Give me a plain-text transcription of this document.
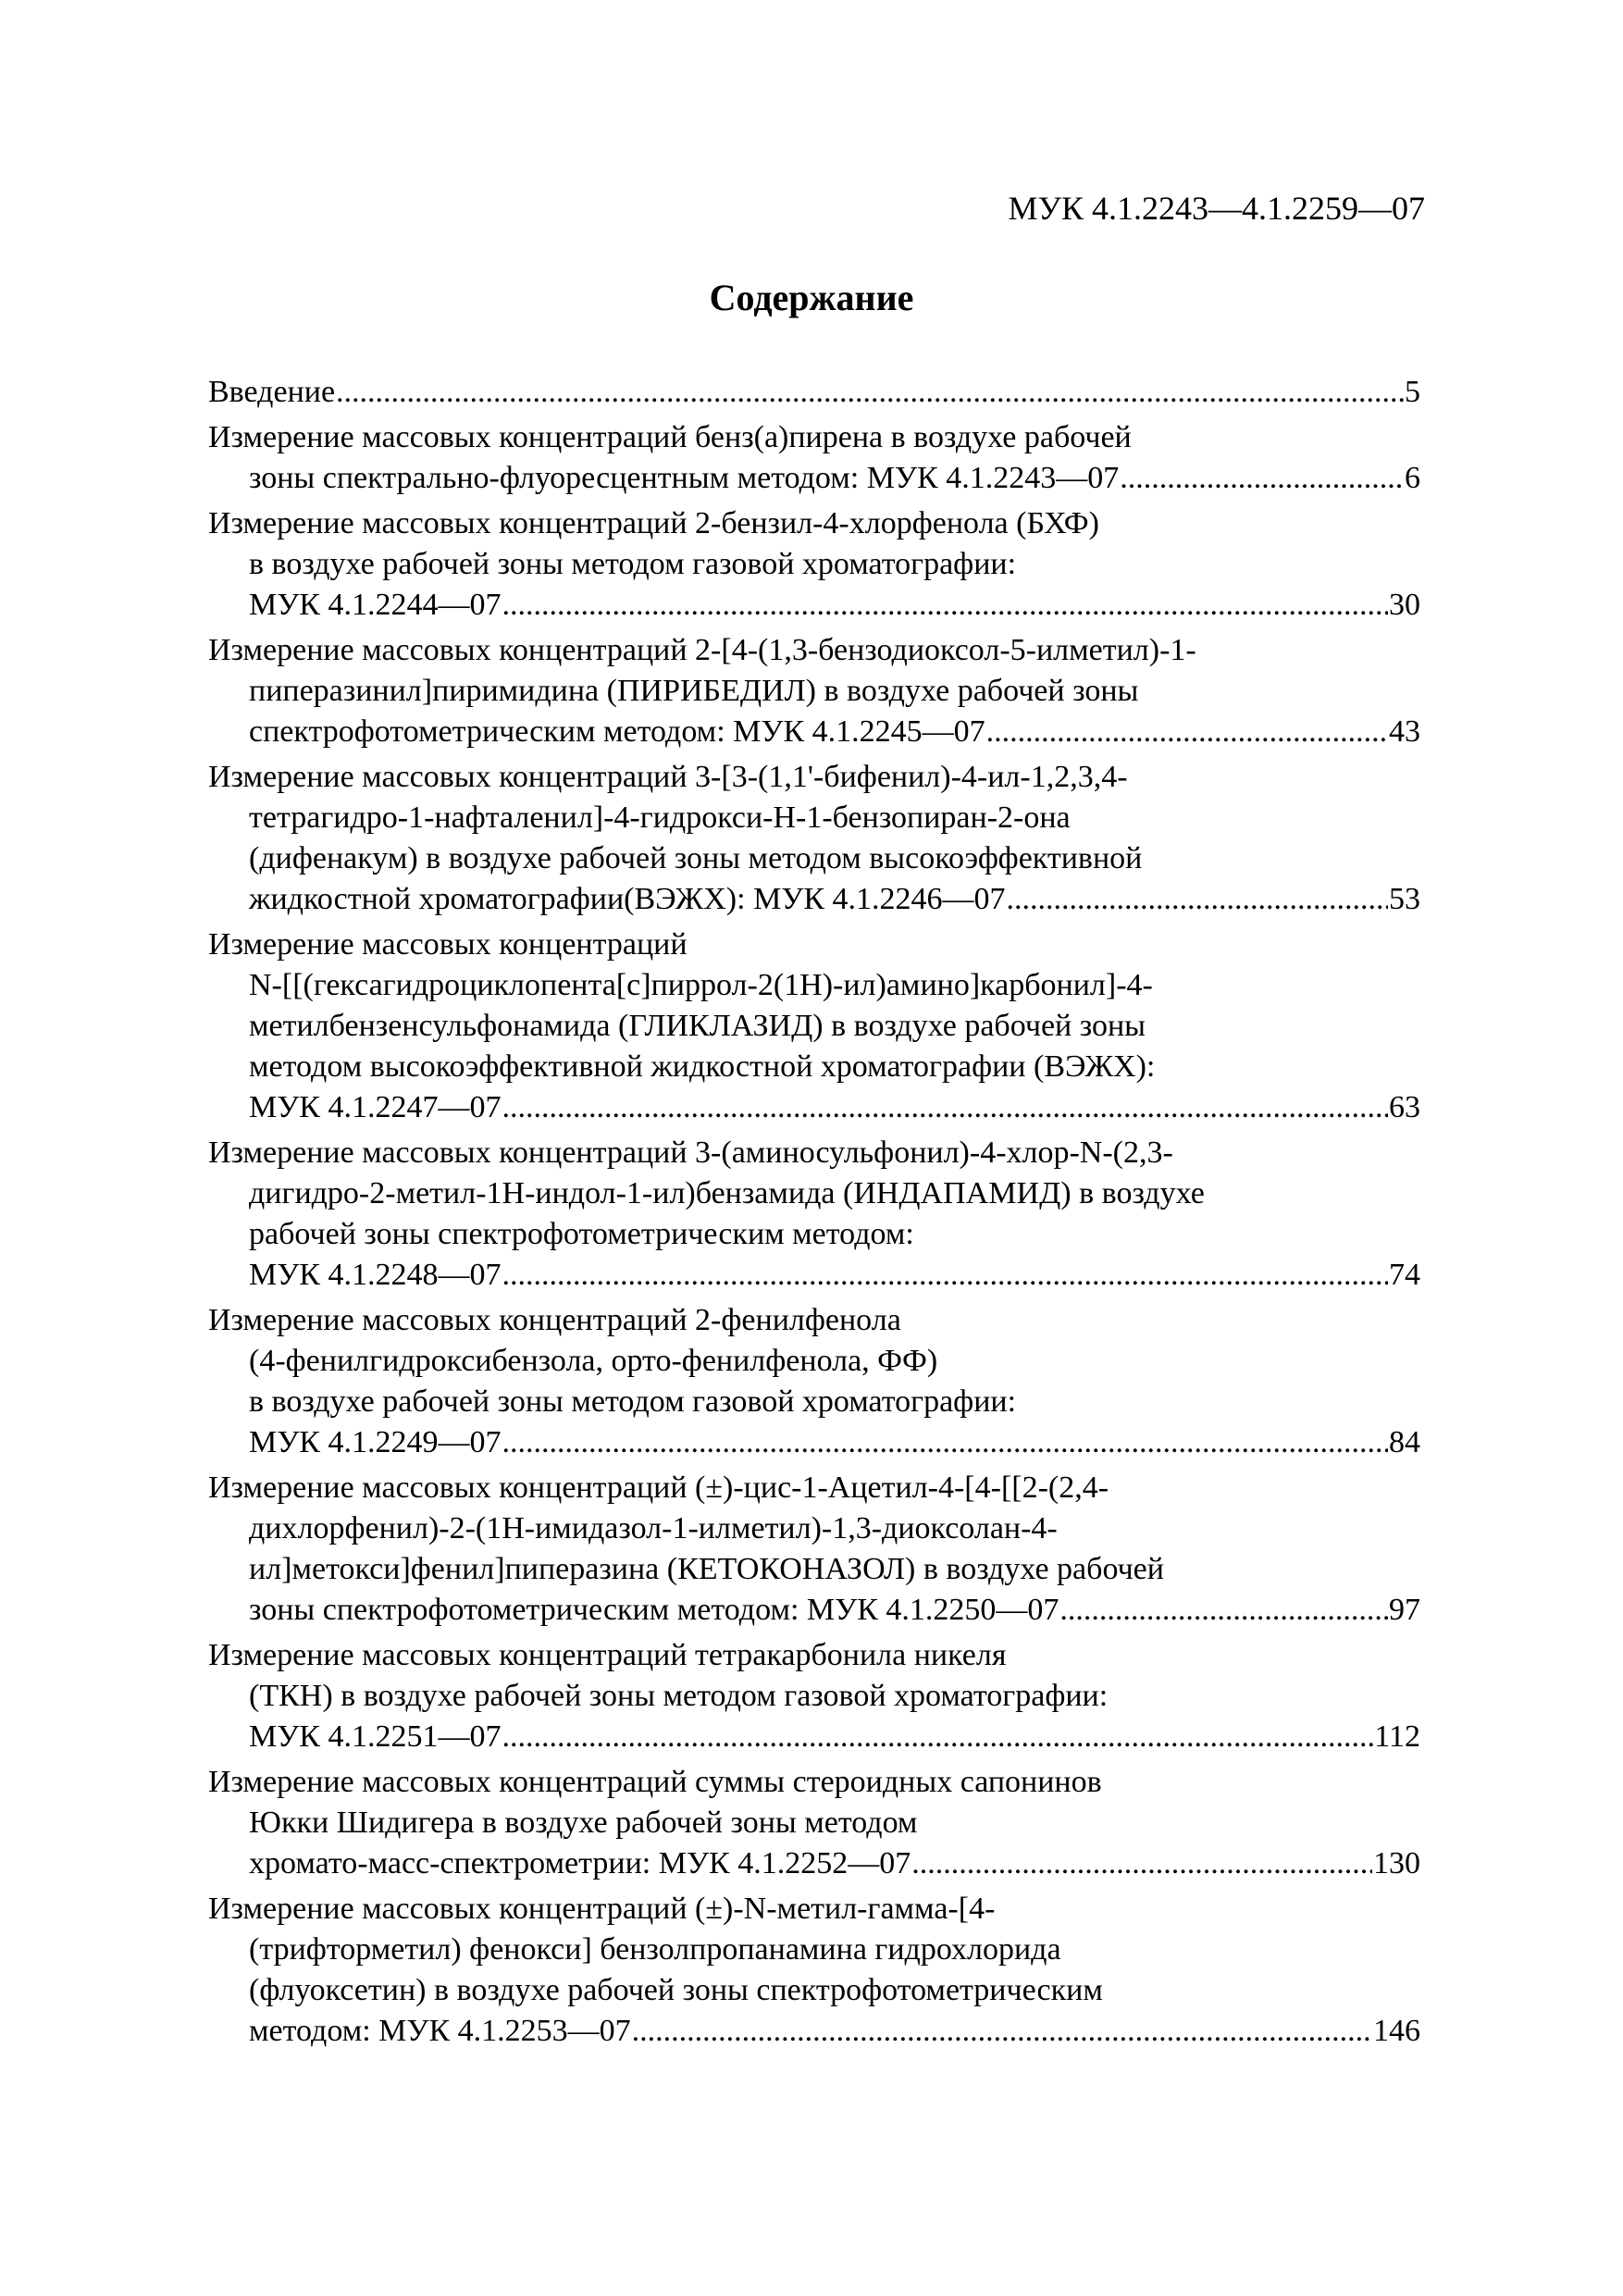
МУК 4.1.2243—4.1.2259—07
Содержание
Введение .....	5
Измерение массовых концентраций бенз(а)пирена в воздухе рабочей
зоны спектрально-флуоресцентным методом: МУК 4.1.2243—07 .....	6
Измерение массовых концентраций 2-бензил-4-хлорфенола (БХФ)
в воздухе рабочей зоны методом газовой хроматографии:
МУК 4.1.2244—07 .....	30
Измерение массовых концентраций 2-[4-(1,3-бензодиоксол-5-илметил)-1-
пиперазинил]пиримидина (ПИРИБЕДИЛ) в воздухе рабочей зоны
спектрофотометрическим методом: МУК 4.1.2245—07 .....	43
Измерение массовых концентраций 3-[3-(1,1'-бифенил)-4-ил-1,2,3,4-
тетрагидро-1-нафталенил]-4-гидрокси-Н-1-бензопиран-2-она
(дифенакум) в воздухе рабочей зоны методом высокоэффективной
жидкостной хроматографии(ВЭЖХ): МУК 4.1.2246—07 .....	53
Измерение массовых концентраций
N-[[(гексагидроциклопента[с]пиррол-2(1Н)-ил)амино]карбонил]-4-
метилбензенсульфонамида (ГЛИКЛАЗИД) в воздухе рабочей зоны
методом высокоэффективной жидкостной хроматографии (ВЭЖХ):
МУК 4.1.2247—07 .....	63
Измерение массовых концентраций 3-(аминосульфонил)-4-хлор-N-(2,3-
дигидро-2-метил-1Н-индол-1-ил)бензамида (ИНДАПАМИД) в воздухе
рабочей зоны спектрофотометрическим методом:
МУК 4.1.2248—07 .....	74
Измерение массовых концентраций 2-фенилфенола
(4-фенилгидроксибензола, орто-фенилфенола, ФФ)
в воздухе рабочей зоны методом газовой хроматографии:
МУК 4.1.2249—07 .....	84
Измерение массовых концентраций (±)-цис-1-Ацетил-4-[4-[[2-(2,4-
дихлорфенил)-2-(1Н-имидазол-1-илметил)-1,3-диоксолан-4-
ил]метокси]фенил]пиперазина (КЕТОКОНАЗОЛ) в воздухе рабочей
зоны спектрофотометрическим методом: МУК 4.1.2250—07 .....	97
Измерение массовых концентраций тетракарбонила никеля
(ТКН) в воздухе рабочей зоны методом газовой хроматографии:
МУК 4.1.2251—07 .....	112
Измерение массовых концентраций суммы стероидных сапонинов
Юкки Шидигера в воздухе рабочей зоны методом
хромато-масс-спектрометрии: МУК 4.1.2252—07 .....	130
Измерение массовых концентраций (±)-N-метил-гамма-[4-
(трифторметил) фенокси] бензолпропанамина гидрохлорида
(флуоксетин) в воздухе рабочей зоны спектрофотометрическим
методом: МУК 4.1.2253—07 .....	146
